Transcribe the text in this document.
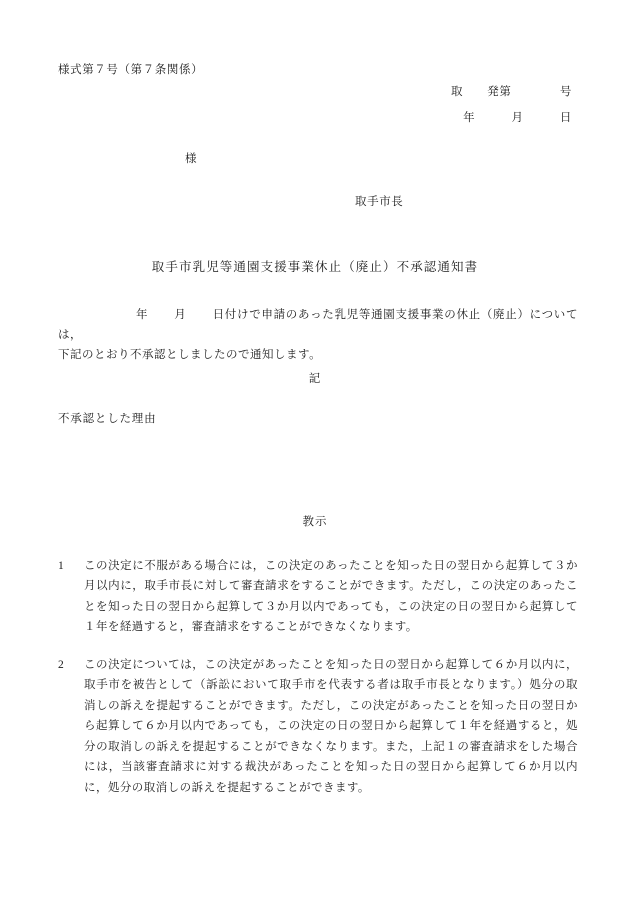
様式第７号（第７条関係）
取　　発第　　　　号
年　　　月　　　日
様
取手市長
取手市乳児等通園支援事業休止（廃止）不承認通知書
年 月 日付けで申請のあった乳児等通園支援事業の休止（廃止）については，
下記のとおり不承認としましたので通知します。
記
不承認とした理由
教示
1	この決定に不服がある場合には，この決定のあったことを知った日の翌日から起算して３か月以内に，取手市長に対して審査請求をすることができます。ただし，この決定のあったことを知った日の翌日から起算して３か月以内であっても，この決定の日の翌日から起算して１年を経過すると，審査請求をすることができなくなります。
2	この決定については，この決定があったことを知った日の翌日から起算して６か月以内に，取手市を被告として（訴訟において取手市を代表する者は取手市長となります。）処分の取消しの訴えを提起することができます。ただし，この決定があったことを知った日の翌日から起算して６か月以内であっても，この決定の日の翌日から起算して１年を経過すると，処分の取消しの訴えを提起することができなくなります。また，上記１の審査請求をした場合には，当該審査請求に対する裁決があったことを知った日の翌日から起算して６か月以内に，処分の取消しの訴えを提起することができます。
